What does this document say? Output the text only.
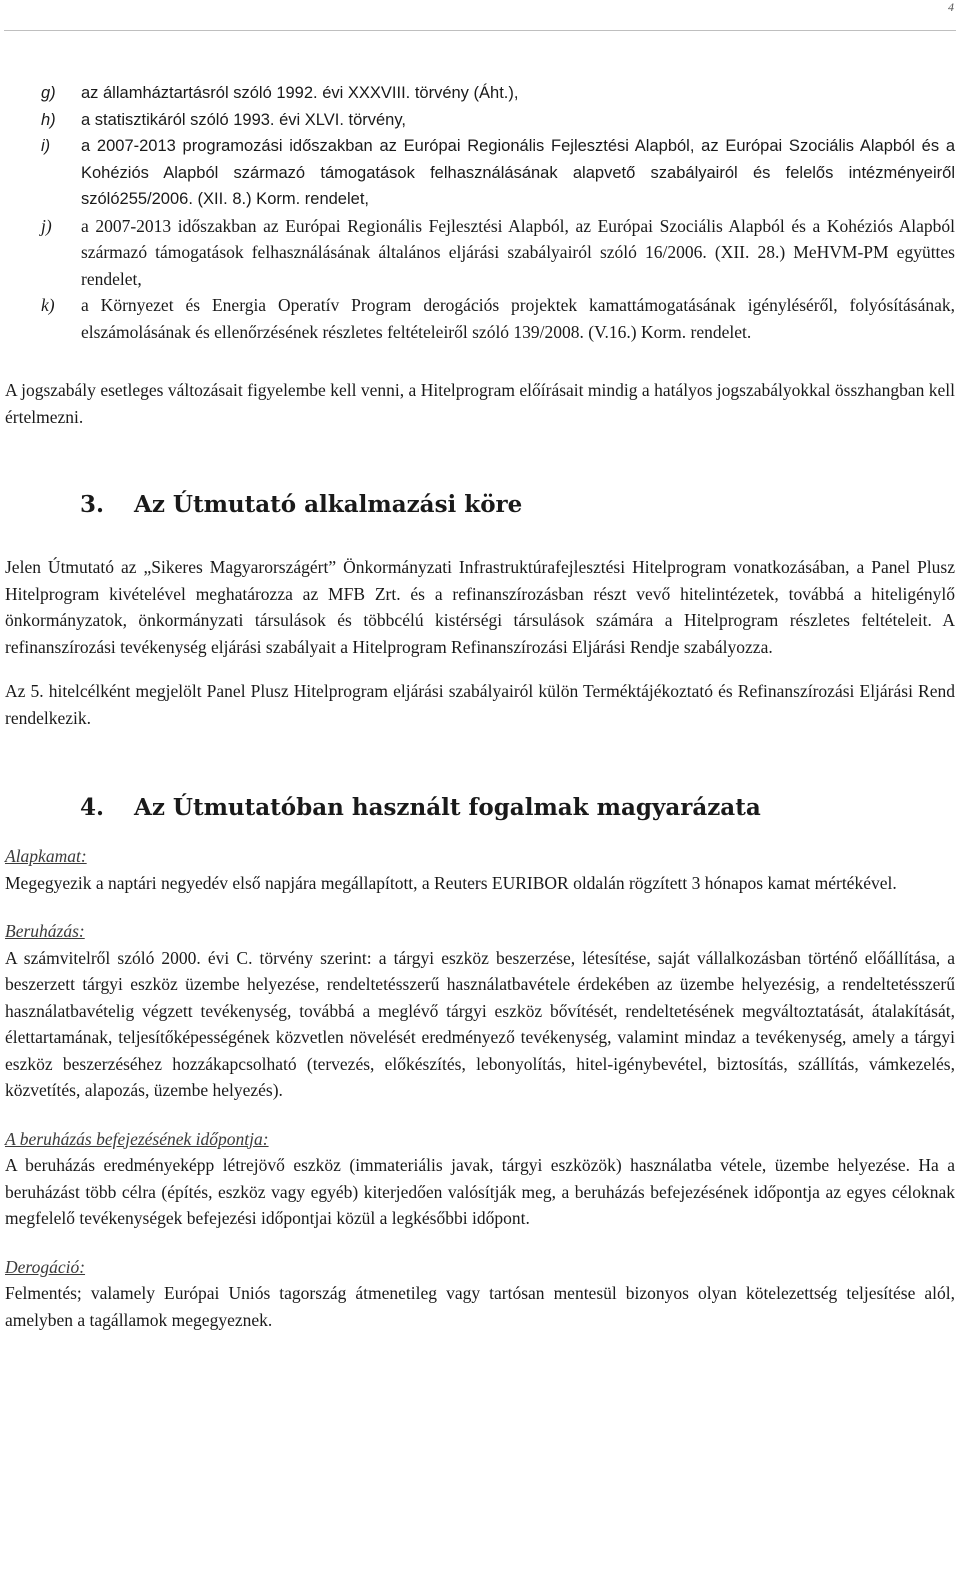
4
g) az államháztartásról szóló 1992. évi XXXVIII. törvény (Áht.),
h) a statisztikáról szóló 1993. évi XLVI. törvény,
i) a 2007-2013 programozási időszakban az Európai Regionális Fejlesztési Alapból, az Európai Szociális Alapból és a Kohéziós Alapból származó támogatások felhasználásának alapvető szabályairól és felelős intézményeiről szóló255/2006. (XII. 8.) Korm. rendelet,
j) a 2007-2013 időszakban az Európai Regionális Fejlesztési Alapból, az Európai Szociális Alapból és a Kohéziós Alapból származó támogatások felhasználásának általános eljárási szabályairól szóló 16/2006. (XII. 28.) MeHVM-PM együttes rendelet,
k) a Környezet és Energia Operatív Program derogációs projektek kamattámogatásának igényléséről, folyósításának, elszámolásának és ellenőrzésének részletes feltételeiről szóló 139/2008. (V.16.) Korm. rendelet.

A jogszabály esetleges változásait figyelembe kell venni, a Hitelprogram előírásait mindig a hatályos jogszabályokkal összhangban kell értelmezni.

3.	Az Útmutató alkalmazási köre

Jelen Útmutató az „Sikeres Magyarországért” Önkormányzati Infrastruktúrafejlesztési Hitelprogram vonatkozásában, a Panel Plusz Hitelprogram kivételével meghatározza az MFB Zrt. és a refinanszírozásban részt vevő hitelintézetek, továbbá a hiteligénylő önkormányzatok, önkormányzati társulások és többcélú kistérségi társulások számára a Hitelprogram részletes feltételeit. A refinanszírozási tevékenység eljárási szabályait a Hitelprogram Refinanszírozási Eljárási Rendje szabályozza.

Az 5. hitelcélként megjelölt Panel Plusz Hitelprogram eljárási szabályairól külön Terméktájékoztató és Refinanszírozási Eljárási Rend rendelkezik.

4.	Az Útmutatóban használt fogalmak magyarázata
Alapkamat:

Megegyezik a naptári negyedév első napjára megállapított, a Reuters EURIBOR oldalán rögzített 3 hónapos kamat mértékével.

Beruházás:

A számvitelről szóló 2000. évi C. törvény szerint: a tárgyi eszköz beszerzése, létesítése, saját vállalkozásban történő előállítása, a beszerzett tárgyi eszköz üzembe helyezése, rendeltetésszerű használatbavétele érdekében az üzembe helyezésig, a rendeltetésszerű használatbavételig végzett tevékenység, továbbá a meglévő tárgyi eszköz bővítését, rendeltetésének megváltoztatását, átalakítását, élettartamának, teljesítőképességének közvetlen növelését eredményező tevékenység, valamint mindaz a tevékenység, amely a tárgyi eszköz beszerzéséhez hozzákapcsolható (tervezés, előkészítés, lebonyolítás, hitel-igénybevétel, biztosítás, szállítás, vámkezelés, közvetítés, alapozás, üzembe helyezés).

A beruházás befejezésének időpontja:

A beruházás eredményeképp létrejövő eszköz (immateriális javak, tárgyi eszközök) használatba vétele, üzembe helyezése. Ha a beruházást több célra (építés, eszköz vagy egyéb) kiterjedően valósítják meg, a beruházás befejezésének időpontja az egyes céloknak megfelelő tevékenységek befejezési időpontjai közül a legkésőbbi időpont.

Derogáció:

Felmentés; valamely Európai Uniós tagország átmenetileg vagy tartósan mentesül bizonyos olyan kötelezettség teljesítése alól, amelyben a tagállamok megegyeznek.
